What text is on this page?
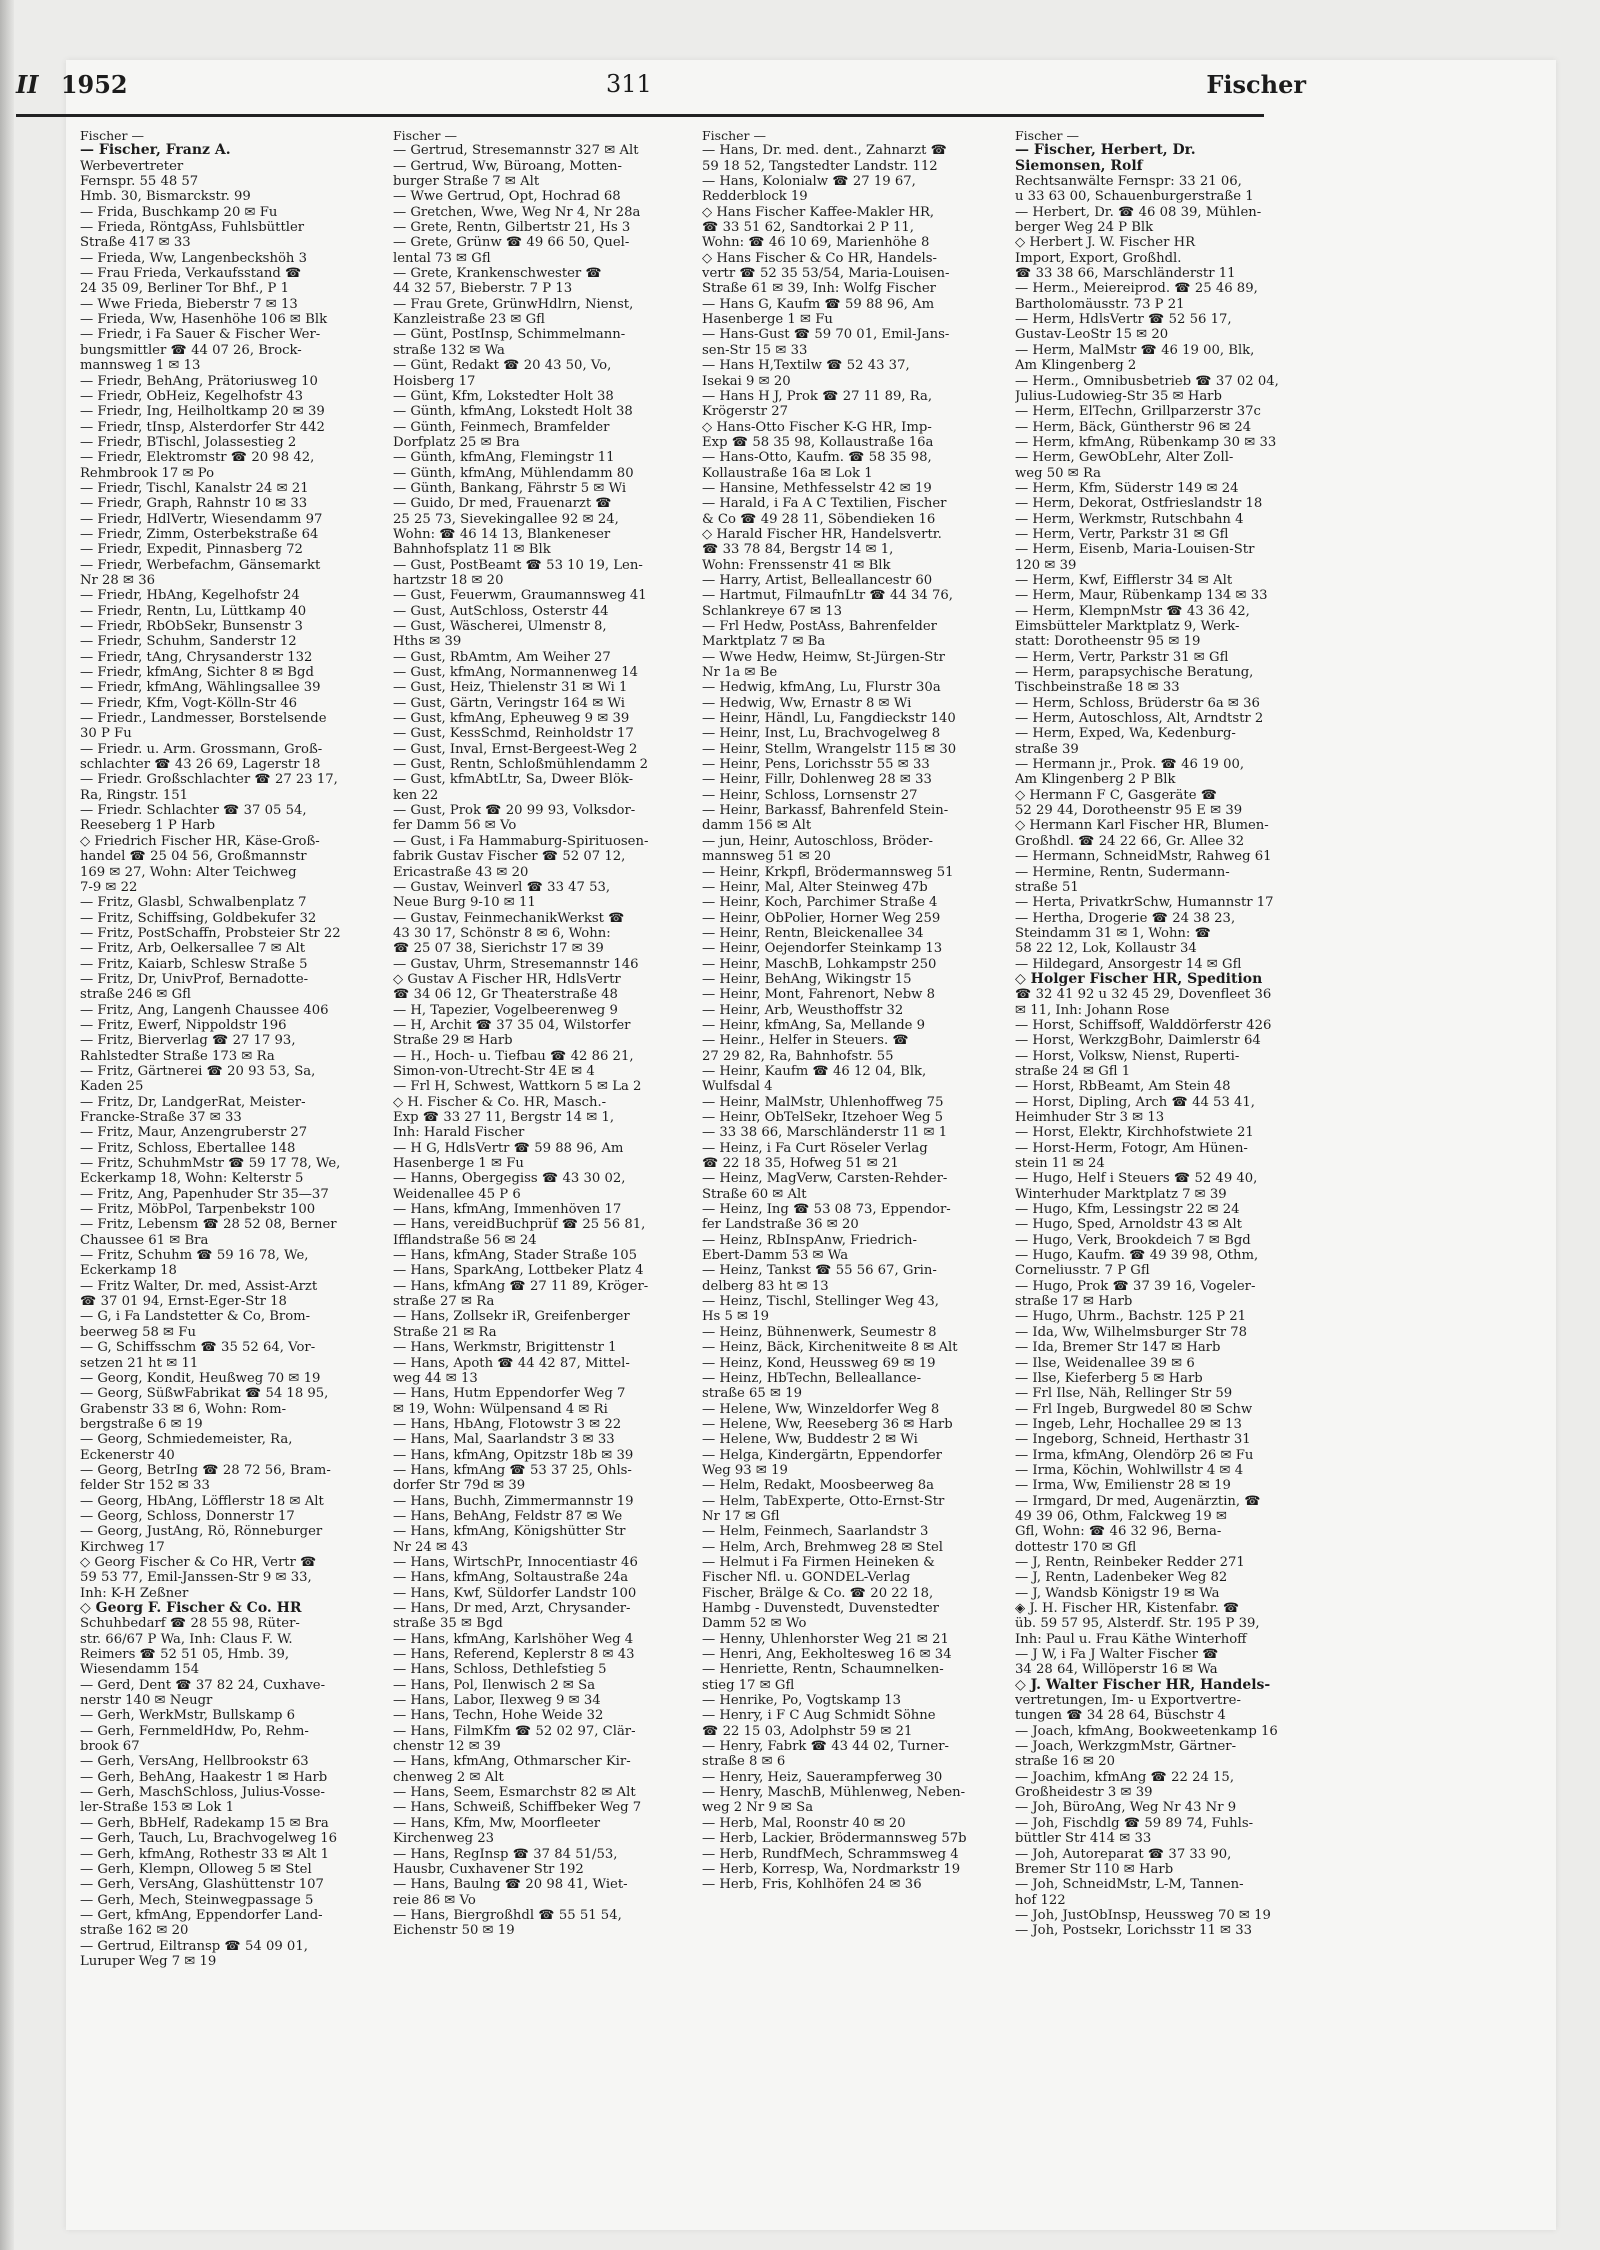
II 1952	311	Fischer
Fischer —
— Fischer, Franz A.
Werbevertreter
Fernspr. 55 48 57
Hmb. 30, Bismarckstr. 99
— Frida, Buschkamp 20 ✉ Fu
— Frieda, RöntgAss, Fuhlsbüttler
Straße 417 ✉ 33
— Frieda, Ww, Langenbeckshöh 3
— Frau Frieda, Verkaufsstand ☎
24 35 09, Berliner Tor Bhf., P 1
— Wwe Frieda, Bieberstr 7 ✉ 13
— Frieda, Ww, Hasenhöhe 106 ✉ Blk
— Friedr, i Fa Sauer & Fischer Wer-
bungsmittler ☎ 44 07 26, Brock-
mannsweg 1 ✉ 13
— Friedr, BehAng, Prätoriusweg 10
— Friedr, ObHeiz, Kegelhofstr 43
— Friedr, Ing, Heilholtkamp 20 ✉ 39
— Friedr, tInsp, Alsterdorfer Str 442
— Friedr, BTischl, Jolassestieg 2
— Friedr, Elektromstr ☎ 20 98 42,
Rehmbrook 17 ✉ Po
— Friedr, Tischl, Kanalstr 24 ✉ 21
— Friedr, Graph, Rahnstr 10 ✉ 33
— Friedr, HdlVertr, Wiesendamm 97
— Friedr, Zimm, Osterbekstraße 64
— Friedr, Expedit, Pinnasberg 72
— Friedr, Werbefachm, Gänsemarkt
Nr 28 ✉ 36
— Friedr, HbAng, Kegelhofstr 24
— Friedr, Rentn, Lu, Lüttkamp 40
— Friedr, RbObSekr, Bunsenstr 3
— Friedr, Schuhm, Sanderstr 12
— Friedr, tAng, Chrysanderstr 132
— Friedr, kfmAng, Sichter 8 ✉ Bgd
— Friedr, kfmAng, Wählingsallee 39
— Friedr, Kfm, Vogt-Kölln-Str 46
— Friedr., Landmesser, Borstelsende
30 P Fu
— Friedr. u. Arm. Grossmann, Groß-
schlachter ☎ 43 26 69, Lagerstr 18
— Friedr. Großschlachter ☎ 27 23 17,
Ra, Ringstr. 151
— Friedr. Schlachter ☎ 37 05 54,
Reeseberg 1 P Harb
◇ Friedrich Fischer HR, Käse-Groß-
handel ☎ 25 04 56, Großmannstr
169 ✉ 27, Wohn: Alter Teichweg
7-9 ✉ 22
— Fritz, Glasbl, Schwalbenplatz 7
— Fritz, Schiffsing, Goldbekufer 32
— Fritz, PostSchaffn, Probsteier Str 22
— Fritz, Arb, Oelkersallee 7 ✉ Alt
— Fritz, Kaiarb, Schlesw Straße 5
— Fritz, Dr, UnivProf, Bernadotte-
straße 246 ✉ Gfl
— Fritz, Ang, Langenh Chaussee 406
— Fritz, Ewerf, Nippoldstr 196
— Fritz, Bierverlag ☎ 27 17 93,
Rahlstedter Straße 173 ✉ Ra
— Fritz, Gärtnerei ☎ 20 93 53, Sa,
Kaden 25
— Fritz, Dr, LandgerRat, Meister-
Francke-Straße 37 ✉ 33
— Fritz, Maur, Anzengruberstr 27
— Fritz, Schloss, Ebertallee 148
— Fritz, SchuhmMstr ☎ 59 17 78, We,
Eckerkamp 18, Wohn: Kelterstr 5
— Fritz, Ang, Papenhuder Str 35—37
— Fritz, MöbPol, Tarpenbekstr 100
— Fritz, Lebensm ☎ 28 52 08, Berner
Chaussee 61 ✉ Bra
— Fritz, Schuhm ☎ 59 16 78, We,
Eckerkamp 18
— Fritz Walter, Dr. med, Assist-Arzt
☎ 37 01 94, Ernst-Eger-Str 18
— G, i Fa Landstetter & Co, Brom-
beerweg 58 ✉ Fu
— G, Schiffsschm ☎ 35 52 64, Vor-
setzen 21 ht ✉ 11
— Georg, Kondit, Heußweg 70 ✉ 19
— Georg, SüßwFabrikat ☎ 54 18 95,
Grabenstr 33 ✉ 6, Wohn: Rom-
bergstraße 6 ✉ 19
— Georg, Schmiedemeister, Ra,
Eckenerstr 40
— Georg, BetrIng ☎ 28 72 56, Bram-
felder Str 152 ✉ 33
— Georg, HbAng, Löfflerstr 18 ✉ Alt
— Georg, Schloss, Donnerstr 17
— Georg, JustAng, Rö, Rönneburger
Kirchweg 17
◇ Georg Fischer & Co HR, Vertr ☎
59 53 77, Emil-Janssen-Str 9 ✉ 33,
Inh: K-H Zeßner
◇ Georg F. Fischer & Co. HR
Schuhbedarf ☎ 28 55 98, Rüter-
str. 66/67 P Wa, Inh: Claus F. W.
Reimers ☎ 52 51 05, Hmb. 39,
Wiesendamm 154
— Gerd, Dent ☎ 37 82 24, Cuxhave-
nerstr 140 ✉ Neugr
— Gerh, WerkMstr, Bullskamp 6
— Gerh, FernmeldHdw, Po, Rehm-
brook 67
— Gerh, VersAng, Hellbrookstr 63
— Gerh, BehAng, Haakestr 1 ✉ Harb
— Gerh, MaschSchloss, Julius-Vosse-
ler-Straße 153 ✉ Lok 1
— Gerh, BbHelf, Radekamp 15 ✉ Bra
— Gerh, Tauch, Lu, Brachvogelweg 16
— Gerh, kfmAng, Rothestr 33 ✉ Alt 1
— Gerh, Klempn, Olloweg 5 ✉ Stel
— Gerh, VersAng, Glashüttenstr 107
— Gerh, Mech, Steinwegpassage 5
— Gert, kfmAng, Eppendorfer Land-
straße 162 ✉ 20
— Gertrud, Eiltransp ☎ 54 09 01,
Luruper Weg 7 ✉ 19
Fischer —
— Gertrud, Stresemannstr 327 ✉ Alt
— Gertrud, Ww, Büroang, Motten-
burger Straße 7 ✉ Alt
— Wwe Gertrud, Opt, Hochrad 68
— Gretchen, Wwe, Weg Nr 4, Nr 28a
— Grete, Rentn, Gilbertstr 21, Hs 3
— Grete, Grünw ☎ 49 66 50, Quel-
lental 73 ✉ Gfl
— Grete, Krankenschwester ☎
44 32 57, Bieberstr. 7 P 13
— Frau Grete, GrünwHdlrn, Nienst,
Kanzleistraße 23 ✉ Gfl
— Günt, PostInsp, Schimmelmann-
straße 132 ✉ Wa
— Günt, Redakt ☎ 20 43 50, Vo,
Hoisberg 17
— Günt, Kfm, Lokstedter Holt 38
— Günth, kfmAng, Lokstedt Holt 38
— Günth, Feinmech, Bramfelder
Dorfplatz 25 ✉ Bra
— Günth, kfmAng, Flemingstr 11
— Günth, kfmAng, Mühlendamm 80
— Günth, Bankang, Fährstr 5 ✉ Wi
— Guido, Dr med, Frauenarzt ☎
25 25 73, Sievekingallee 92 ✉ 24,
Wohn: ☎ 46 14 13, Blankeneser
Bahnhofsplatz 11 ✉ Blk
— Gust, PostBeamt ☎ 53 10 19, Len-
hartzstr 18 ✉ 20
— Gust, Feuerwm, Graumannsweg 41
— Gust, AutSchloss, Osterstr 44
— Gust, Wäscherei, Ulmenstr 8,
Hths ✉ 39
— Gust, RbAmtm, Am Weiher 27
— Gust, kfmAng, Normannenweg 14
— Gust, Heiz, Thielenstr 31 ✉ Wi 1
— Gust, Gärtn, Veringstr 164 ✉ Wi
— Gust, kfmAng, Epheuweg 9 ✉ 39
— Gust, KessSchmd, Reinholdstr 17
— Gust, Inval, Ernst-Bergeest-Weg 2
— Gust, Rentn, Schloßmühlendamm 2
— Gust, kfmAbtLtr, Sa, Dweer Blök-
ken 22
— Gust, Prok ☎ 20 99 93, Volksdor-
fer Damm 56 ✉ Vo
— Gust, i Fa Hammaburg-Spirituosen-
fabrik Gustav Fischer ☎ 52 07 12,
Ericastraße 43 ✉ 20
— Gustav, Weinverl ☎ 33 47 53,
Neue Burg 9-10 ✉ 11
— Gustav, FeinmechanikWerkst ☎
43 30 17, Schönstr 8 ✉ 6, Wohn:
☎ 25 07 38, Sierichstr 17 ✉ 39
— Gustav, Uhrm, Stresemannstr 146
◇ Gustav A Fischer HR, HdlsVertr
☎ 34 06 12, Gr Theaterstraße 48
— H, Tapezier, Vogelbeerenweg 9
— H, Archit ☎ 37 35 04, Wilstorfer
Straße 29 ✉ Harb
— H., Hoch- u. Tiefbau ☎ 42 86 21,
Simon-von-Utrecht-Str 4E ✉ 4
— Frl H, Schwest, Wattkorn 5 ✉ La 2
◇ H. Fischer & Co. HR, Masch.-
Exp ☎ 33 27 11, Bergstr 14 ✉ 1,
Inh: Harald Fischer
— H G, HdlsVertr ☎ 59 88 96, Am
Hasenberge 1 ✉ Fu
— Hanns, Obergegiss ☎ 43 30 02,
Weidenallee 45 P 6
— Hans, kfmAng, Immenhöven 17
— Hans, vereidBuchprüf ☎ 25 56 81,
Ifflandstraße 56 ✉ 24
— Hans, kfmAng, Stader Straße 105
— Hans, SparkAng, Lottbeker Platz 4
— Hans, kfmAng ☎ 27 11 89, Kröger-
straße 27 ✉ Ra
— Hans, Zollsekr iR, Greifenberger
Straße 21 ✉ Ra
— Hans, Werkmstr, Brigittenstr 1
— Hans, Apoth ☎ 44 42 87, Mittel-
weg 44 ✉ 13
— Hans, Hutm Eppendorfer Weg 7
✉ 19, Wohn: Wülpensand 4 ✉ Ri
— Hans, HbAng, Flotowstr 3 ✉ 22
— Hans, Mal, Saarlandstr 3 ✉ 33
— Hans, kfmAng, Opitzstr 18b ✉ 39
— Hans, kfmAng ☎ 53 37 25, Ohls-
dorfer Str 79d ✉ 39
— Hans, Buchh, Zimmermannstr 19
— Hans, BehAng, Feldstr 87 ✉ We
— Hans, kfmAng, Königshütter Str
Nr 24 ✉ 43
— Hans, WirtschPr, Innocentiastr 46
— Hans, kfmAng, Soltaustraße 24a
— Hans, Kwf, Süldorfer Landstr 100
— Hans, Dr med, Arzt, Chrysander-
straße 35 ✉ Bgd
— Hans, kfmAng, Karlshöher Weg 4
— Hans, Referend, Keplerstr 8 ✉ 43
— Hans, Schloss, Dethlefstieg 5
— Hans, Pol, Ilenwisch 2 ✉ Sa
— Hans, Labor, Ilexweg 9 ✉ 34
— Hans, Techn, Hohe Weide 32
— Hans, FilmKfm ☎ 52 02 97, Clär-
chenstr 12 ✉ 39
— Hans, kfmAng, Othmarscher Kir-
chenweg 2 ✉ Alt
— Hans, Seem, Esmarchstr 82 ✉ Alt
— Hans, Schweiß, Schiffbeker Weg 7
— Hans, Kfm, Mw, Moorfleeter
Kirchenweg 23
— Hans, RegInsp ☎ 37 84 51/53,
Hausbr, Cuxhavener Str 192
— Hans, Baulng ☎ 20 98 41, Wiet-
reie 86 ✉ Vo
— Hans, Biergroßhdl ☎ 55 51 54,
Eichenstr 50 ✉ 19
Fischer —
— Hans, Dr. med. dent., Zahnarzt ☎
59 18 52, Tangstedter Landstr. 112
— Hans, Kolonialw ☎ 27 19 67,
Redderblock 19
◇ Hans Fischer Kaffee-Makler HR,
☎ 33 51 62, Sandtorkai 2 P 11,
Wohn: ☎ 46 10 69, Marienhöhe 8
◇ Hans Fischer & Co HR, Handels-
vertr ☎ 52 35 53/54, Maria-Louisen-
Straße 61 ✉ 39, Inh: Wolfg Fischer
— Hans G, Kaufm ☎ 59 88 96, Am
Hasenberge 1 ✉ Fu
— Hans-Gust ☎ 59 70 01, Emil-Jans-
sen-Str 15 ✉ 33
— Hans H,Textilw ☎ 52 43 37,
Isekai 9 ✉ 20
— Hans H J, Prok ☎ 27 11 89, Ra,
Krögerstr 27
◇ Hans-Otto Fischer K-G HR, Imp-
Exp ☎ 58 35 98, Kollaustraße 16a
— Hans-Otto, Kaufm. ☎ 58 35 98,
Kollaustraße 16a ✉ Lok 1
— Hansine, Methfesselstr 42 ✉ 19
— Harald, i Fa A C Textilien, Fischer
& Co ☎ 49 28 11, Söbendieken 16
◇ Harald Fischer HR, Handelsvertr.
☎ 33 78 84, Bergstr 14 ✉ 1,
Wohn: Frenssenstr 41 ✉ Blk
— Harry, Artist, Belleallancestr 60
— Hartmut, FilmaufnLtr ☎ 44 34 76,
Schlankreye 67 ✉ 13
— Frl Hedw, PostAss, Bahrenfelder
Marktplatz 7 ✉ Ba
— Wwe Hedw, Heimw, St-Jürgen-Str
Nr 1a ✉ Be
— Hedwig, kfmAng, Lu, Flurstr 30a
— Hedwig, Ww, Ernastr 8 ✉ Wi
— Heinr, Händl, Lu, Fangdieckstr 140
— Heinr, Inst, Lu, Brachvogelweg 8
— Heinr, Stellm, Wrangelstr 115 ✉ 30
— Heinr, Pens, Lorichsstr 55 ✉ 33
— Heinr, Fillr, Dohlenweg 28 ✉ 33
— Heinr, Schloss, Lornsenstr 27
— Heinr, Barkassf, Bahrenfeld Stein-
damm 156 ✉ Alt
— jun, Heinr, Autoschloss, Bröder-
mannsweg 51 ✉ 20
— Heinr, Krkpfl, Brödermannsweg 51
— Heinr, Mal, Alter Steinweg 47b
— Heinr, Koch, Parchimer Straße 4
— Heinr, ObPolier, Horner Weg 259
— Heinr, Rentn, Bleickenallee 34
— Heinr, Oejendorfer Steinkamp 13
— Heinr, MaschB, Lohkampstr 250
— Heinr, BehAng, Wikingstr 15
— Heinr, Mont, Fahrenort, Nebw 8
— Heinr, Arb, Weusthoffstr 32
— Heinr, kfmAng, Sa, Mellande 9
— Heinr., Helfer in Steuers. ☎
27 29 82, Ra, Bahnhofstr. 55
— Heinr, Kaufm ☎ 46 12 04, Blk,
Wulfsdal 4
— Heinr, MalMstr, Uhlenhoffweg 75
— Heinr, ObTelSekr, Itzehoer Weg 5
— 33 38 66, Marschländerstr 11 ✉ 1
— Heinz, i Fa Curt Röseler Verlag
☎ 22 18 35, Hofweg 51 ✉ 21
— Heinz, MagVerw, Carsten-Rehder-
Straße 60 ✉ Alt
— Heinz, Ing ☎ 53 08 73, Eppendor-
fer Landstraße 36 ✉ 20
— Heinz, RbInspAnw, Friedrich-
Ebert-Damm 53 ✉ Wa
— Heinz, Tankst ☎ 55 56 67, Grin-
delberg 83 ht ✉ 13
— Heinz, Tischl, Stellinger Weg 43,
Hs 5 ✉ 19
— Heinz, Bühnenwerk, Seumestr 8
— Heinz, Bäck, Kirchenitweite 8 ✉ Alt
— Heinz, Kond, Heussweg 69 ✉ 19
— Heinz, HbTechn, Belleallance-
straße 65 ✉ 19
— Helene, Ww, Winzeldorfer Weg 8
— Helene, Ww, Reeseberg 36 ✉ Harb
— Helene, Ww, Buddestr 2 ✉ Wi
— Helga, Kindergärtn, Eppendorfer
Weg 93 ✉ 19
— Helm, Redakt, Moosbeerweg 8a
— Helm, TabExperte, Otto-Ernst-Str
Nr 17 ✉ Gfl
— Helm, Feinmech, Saarlandstr 3
— Helm, Arch, Brehmweg 28 ✉ Stel
— Helmut i Fa Firmen Heineken &
Fischer Nfl. u. GONDEL-Verlag
Fischer, Brälge & Co. ☎ 20 22 18,
Hambg - Duvenstedt, Duvenstedter
Damm 52 ✉ Wo
— Henny, Uhlenhorster Weg 21 ✉ 21
— Henri, Ang, Eekholtesweg 16 ✉ 34
— Henriette, Rentn, Schaumnelken-
stieg 17 ✉ Gfl
— Henrike, Po, Vogtskamp 13
— Henry, i F C Aug Schmidt Söhne
☎ 22 15 03, Adolphstr 59 ✉ 21
— Henry, Fabrk ☎ 43 44 02, Turner-
straße 8 ✉ 6
— Henry, Heiz, Sauerampferweg 30
— Henry, MaschB, Mühlenweg, Neben-
weg 2 Nr 9 ✉ Sa
— Herb, Mal, Roonstr 40 ✉ 20
— Herb, Lackier, Brödermannsweg 57b
— Herb, RundfMech, Schrammsweg 4
— Herb, Korresp, Wa, Nordmarkstr 19
— Herb, Fris, Kohlhöfen 24 ✉ 36
Fischer —
— Fischer, Herbert, Dr.
Siemonsen, Rolf
Rechtsanwälte Fernspr: 33 21 06,
u 33 63 00, Schauenburgerstraße 1
— Herbert, Dr. ☎ 46 08 39, Mühlen-
berger Weg 24 P Blk
◇ Herbert J. W. Fischer HR
Import, Export, Großhdl.
☎ 33 38 66, Marschländerstr 11
— Herm., Meiereiprod. ☎ 25 46 89,
Bartholomäusstr. 73 P 21
— Herm, HdlsVertr ☎ 52 56 17,
Gustav-LeoStr 15 ✉ 20
— Herm, MalMstr ☎ 46 19 00, Blk,
Am Klingenberg 2
— Herm., Omnibusbetrieb ☎ 37 02 04,
Julius-Ludowieg-Str 35 ✉ Harb
— Herm, ElTechn, Grillparzerstr 37c
— Herm, Bäck, Güntherstr 96 ✉ 24
— Herm, kfmAng, Rübenkamp 30 ✉ 33
— Herm, GewObLehr, Alter Zoll-
weg 50 ✉ Ra
— Herm, Kfm, Süderstr 149 ✉ 24
— Herm, Dekorat, Ostfrieslandstr 18
— Herm, Werkmstr, Rutschbahn 4
— Herm, Vertr, Parkstr 31 ✉ Gfl
— Herm, Eisenb, Maria-Louisen-Str
120 ✉ 39
— Herm, Kwf, Eifflerstr 34 ✉ Alt
— Herm, Maur, Rübenkamp 134 ✉ 33
— Herm, KlempnMstr ☎ 43 36 42,
Eimsbütteler Marktplatz 9, Werk-
statt: Dorotheenstr 95 ✉ 19
— Herm, Vertr, Parkstr 31 ✉ Gfl
— Herm, parapsychische Beratung,
Tischbeinstraße 18 ✉ 33
— Herm, Schloss, Brüderstr 6a ✉ 36
— Herm, Autoschloss, Alt, Arndtstr 2
— Herm, Exped, Wa, Kedenburg-
straße 39
— Hermann jr., Prok. ☎ 46 19 00,
Am Klingenberg 2 P Blk
◇ Hermann F C, Gasgeräte ☎
52 29 44, Dorotheenstr 95 E ✉ 39
◇ Hermann Karl Fischer HR, Blumen-
Großhdl. ☎ 24 22 66, Gr. Allee 32
— Hermann, SchneidMstr, Rahweg 61
— Hermine, Rentn, Sudermann-
straße 51
— Herta, PrivatkrSchw, Humannstr 17
— Hertha, Drogerie ☎ 24 38 23,
Steindamm 31 ✉ 1, Wohn: ☎
58 22 12, Lok, Kollaustr 34
— Hildegard, Ansorgestr 14 ✉ Gfl
◇ Holger Fischer HR, Spedition
☎ 32 41 92 u 32 45 29, Dovenfleet 36
✉ 11, Inh: Johann Rose
— Horst, Schiffsoff, Walddörferstr 426
— Horst, WerkzgBohr, Daimlerstr 64
— Horst, Volksw, Nienst, Ruperti-
straße 24 ✉ Gfl 1
— Horst, RbBeamt, Am Stein 48
— Horst, Dipling, Arch ☎ 44 53 41,
Heimhuder Str 3 ✉ 13
— Horst, Elektr, Kirchhofstwiete 21
— Horst-Herm, Fotogr, Am Hünen-
stein 11 ✉ 24
— Hugo, Helf i Steuers ☎ 52 49 40,
Winterhuder Marktplatz 7 ✉ 39
— Hugo, Kfm, Lessingstr 22 ✉ 24
— Hugo, Sped, Arnoldstr 43 ✉ Alt
— Hugo, Verk, Brookdeich 7 ✉ Bgd
— Hugo, Kaufm. ☎ 49 39 98, Othm,
Corneliusstr. 7 P Gfl
— Hugo, Prok ☎ 37 39 16, Vogeler-
straße 17 ✉ Harb
— Hugo, Uhrm., Bachstr. 125 P 21
— Ida, Ww, Wilhelmsburger Str 78
— Ida, Bremer Str 147 ✉ Harb
— Ilse, Weidenallee 39 ✉ 6
— Ilse, Kieferberg 5 ✉ Harb
— Frl Ilse, Näh, Rellinger Str 59
— Frl Ingeb, Burgwedel 80 ✉ Schw
— Ingeb, Lehr, Hochallee 29 ✉ 13
— Ingeborg, Schneid, Herthastr 31
— Irma, kfmAng, Olendörp 26 ✉ Fu
— Irma, Köchin, Wohlwillstr 4 ✉ 4
— Irma, Ww, Emilienstr 28 ✉ 19
— Irmgard, Dr med, Augenärztin, ☎
49 39 06, Othm, Falckweg 19 ✉
Gfl, Wohn: ☎ 46 32 96, Berna-
dottestr 170 ✉ Gfl
— J, Rentn, Reinbeker Redder 271
— J, Rentn, Ladenbeker Weg 82
— J, Wandsb Königstr 19 ✉ Wa
◈ J. H. Fischer HR, Kistenfabr. ☎
üb. 59 57 95, Alsterdf. Str. 195 P 39,
Inh: Paul u. Frau Käthe Winterhoff
— J W, i Fa J Walter Fischer ☎
34 28 64, Willöperstr 16 ✉ Wa
◇ J. Walter Fischer HR, Handels-
vertretungen, Im- u Exportvertre-
tungen ☎ 34 28 64, Büschstr 4
— Joach, kfmAng, Bookweetenkamp 16
— Joach, WerkzgmMstr, Gärtner-
straße 16 ✉ 20
— Joachim, kfmAng ☎ 22 24 15,
Großheidestr 3 ✉ 39
— Joh, BüroAng, Weg Nr 43 Nr 9
— Joh, Fischdlg ☎ 59 89 74, Fuhls-
büttler Str 414 ✉ 33
— Joh, Autoreparat ☎ 37 33 90,
Bremer Str 110 ✉ Harb
— Joh, SchneidMstr, L-M, Tannen-
hof 122
— Joh, JustObInsp, Heussweg 70 ✉ 19
— Joh, Postsekr, Lorichsstr 11 ✉ 33
